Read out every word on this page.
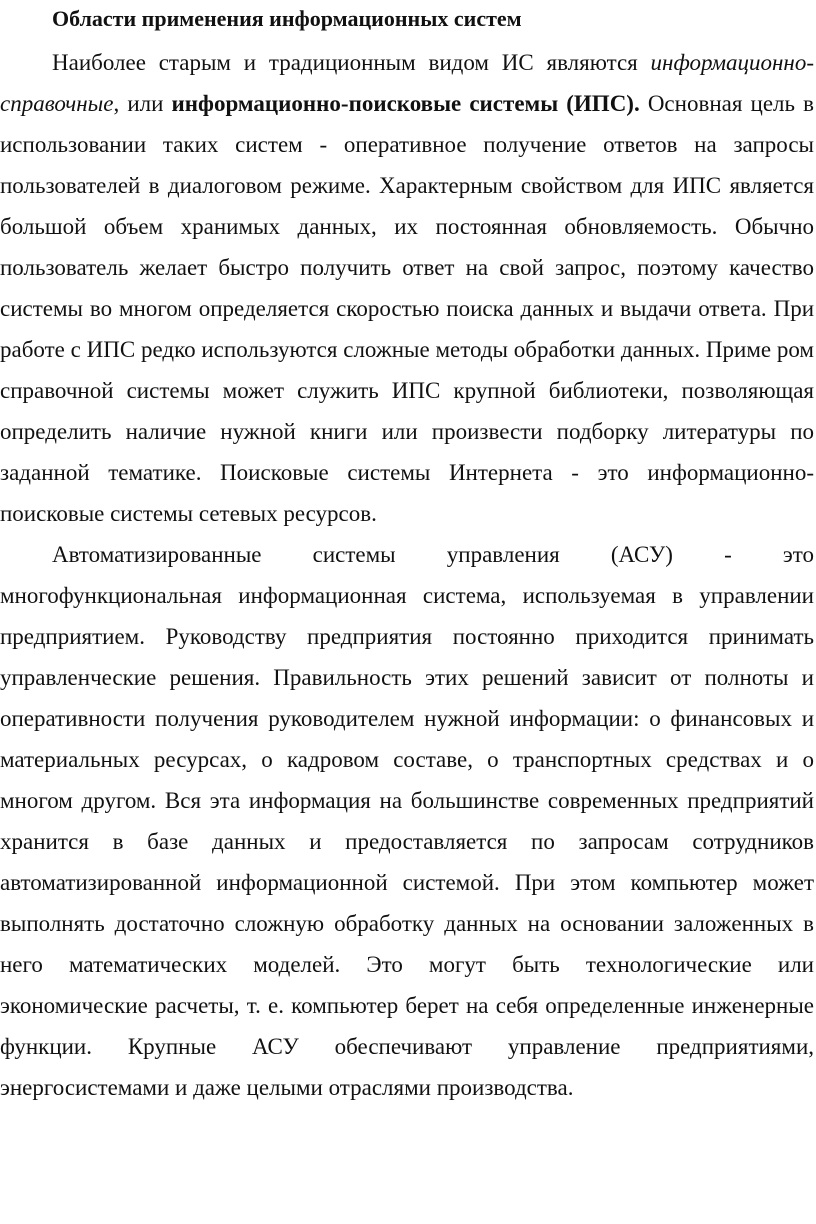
Области применения информационных систем

Наиболее старым и традиционным видом ИС являются информационно-справочные, или информационно-поисковые системы (ИПС). Основная цель в использовании таких систем - оперативное получение ответов на запросы пользователей в диалоговом режиме. Характерным свойством для ИПС является большой объем хранимых данных, их постоянная обновляемость. Обычно пользователь желает быстро получить ответ на свой запрос, поэтому качество системы во многом определяется скоростью поиска данных и выдачи ответа. При работе с ИПС редко используются сложные методы обработки данных. Приме ром справочной системы может служить ИПС крупной библиотеки, позволяющая определить наличие нужной книги или произвести подборку литературы по заданной тематике. Поисковые системы Интернета - это информационно-поисковые системы сетевых ресурсов.

Автоматизированные системы управления (АСУ) - это многофункциональная информационная система, используемая в управлении предприятием. Руководству предприятия постоянно приходится принимать управленческие решения. Правильность этих решений зависит от полноты и оперативности получения руководителем нужной информации: о финансовых и материальных ресурсах, о кадровом составе, о транспортных средствах и о многом другом. Вся эта информация на большинстве современных предприятий хранится в базе данных и предоставляется по запросам сотрудников автоматизированной информационной системой. При этом компьютер может выполнять достаточно сложную обработку данных на основании заложенных в него математических моделей. Это могут быть технологические или экономические расчеты, т. е. компьютер берет на себя определенные инженерные функции. Крупные АСУ обеспечивают управление предприятиями, энергосистемами и даже целыми отраслями производства.
